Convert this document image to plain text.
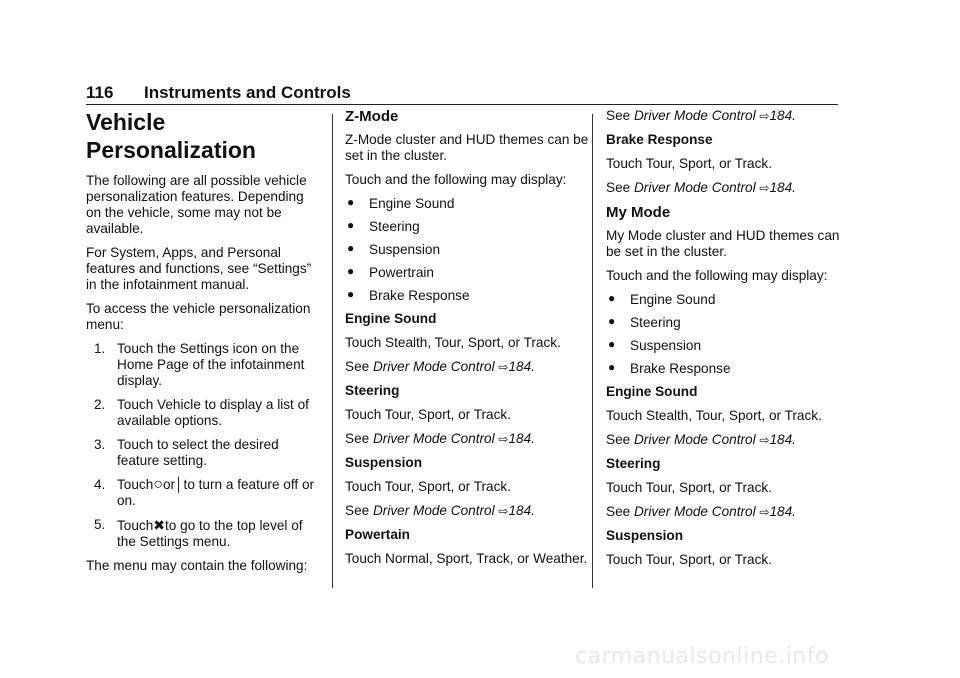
116 Instruments and Controls
Vehicle
Personalization

The following are all possible vehicle personalization features. Depending on the vehicle, some may not be available.

For System, Apps, and Personal features and functions, see “Settings” in the infotainment manual.

To access the vehicle personalization menu:

1. Touch the Settings icon on the Home Page of the infotainment display.
2. Touch Vehicle to display a list of available options.
3. Touch to select the desired feature setting.
4. Touch○or│to turn a feature off or on.
5. Touch✖to go to the top level of the Settings menu.

The menu may contain the following:

Z-Mode

Z-Mode cluster and HUD themes can be set in the cluster.

Touch and the following may display:

● Engine Sound
● Steering
● Suspension
● Powertrain
● Brake Response

Engine Sound

Touch Stealth, Tour, Sport, or Track.

See Driver Mode Control ⇨184.

Steering

Touch Tour, Sport, or Track.

See Driver Mode Control ⇨184.

Suspension

Touch Tour, Sport, or Track.

See Driver Mode Control ⇨184.

Powertain

Touch Normal, Sport, Track, or Weather.

See Driver Mode Control ⇨184.

Brake Response

Touch Tour, Sport, or Track.

See Driver Mode Control ⇨184.

My Mode

My Mode cluster and HUD themes can be set in the cluster.

Touch and the following may display:

● Engine Sound
● Steering
● Suspension
● Brake Response

Engine Sound

Touch Stealth, Tour, Sport, or Track.

See Driver Mode Control ⇨184.

Steering

Touch Tour, Sport, or Track.

See Driver Mode Control ⇨184.

Suspension

Touch Tour, Sport, or Track.

carmanualsonline.info
